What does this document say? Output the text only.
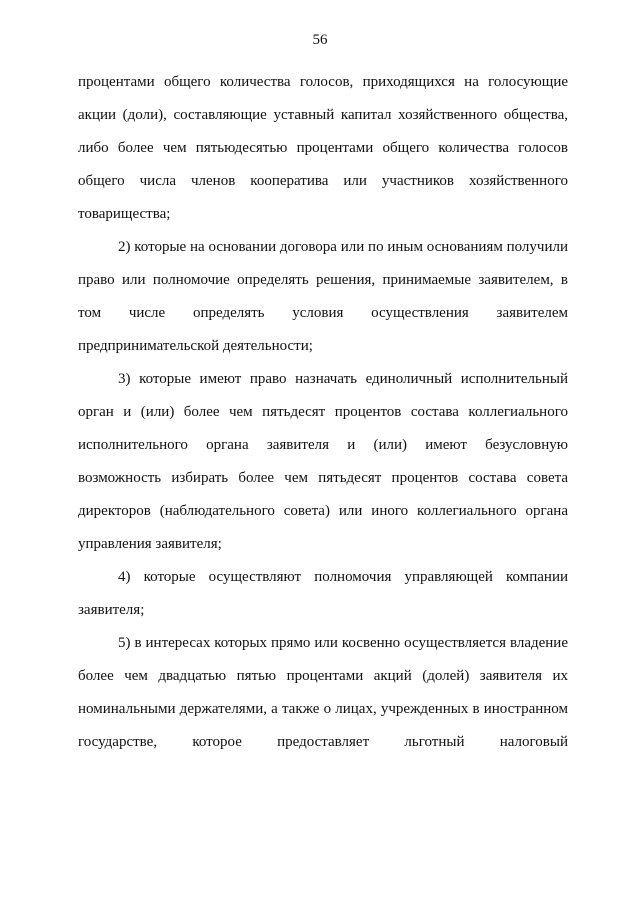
56

процентами общего количества голосов, приходящихся на голосующие акции (доли), составляющие уставный капитал хозяйственного общества, либо более чем пятьюдесятью процентами общего количества голосов общего числа членов кооператива или участников хозяйственного товарищества;

2) которые на основании договора или по иным основаниям получили право или полномочие определять решения, принимаемые заявителем, в том числе определять условия осуществления заявителем предпринимательской деятельности;

3) которые имеют право назначать единоличный исполнительный орган и (или) более чем пятьдесят процентов состава коллегиального исполнительного органа заявителя и (или) имеют безусловную возможность избирать более чем пятьдесят процентов состава совета директоров (наблюдательного совета) или иного коллегиального органа управления заявителя;

4) которые осуществляют полномочия управляющей компании заявителя;

5) в интересах которых прямо или косвенно осуществляется владение более чем двадцатью пятью процентами акций (долей) заявителя их номинальными держателями, а также о лицах, учрежденных в иностранном государстве, которое предоставляет льготный налоговый
